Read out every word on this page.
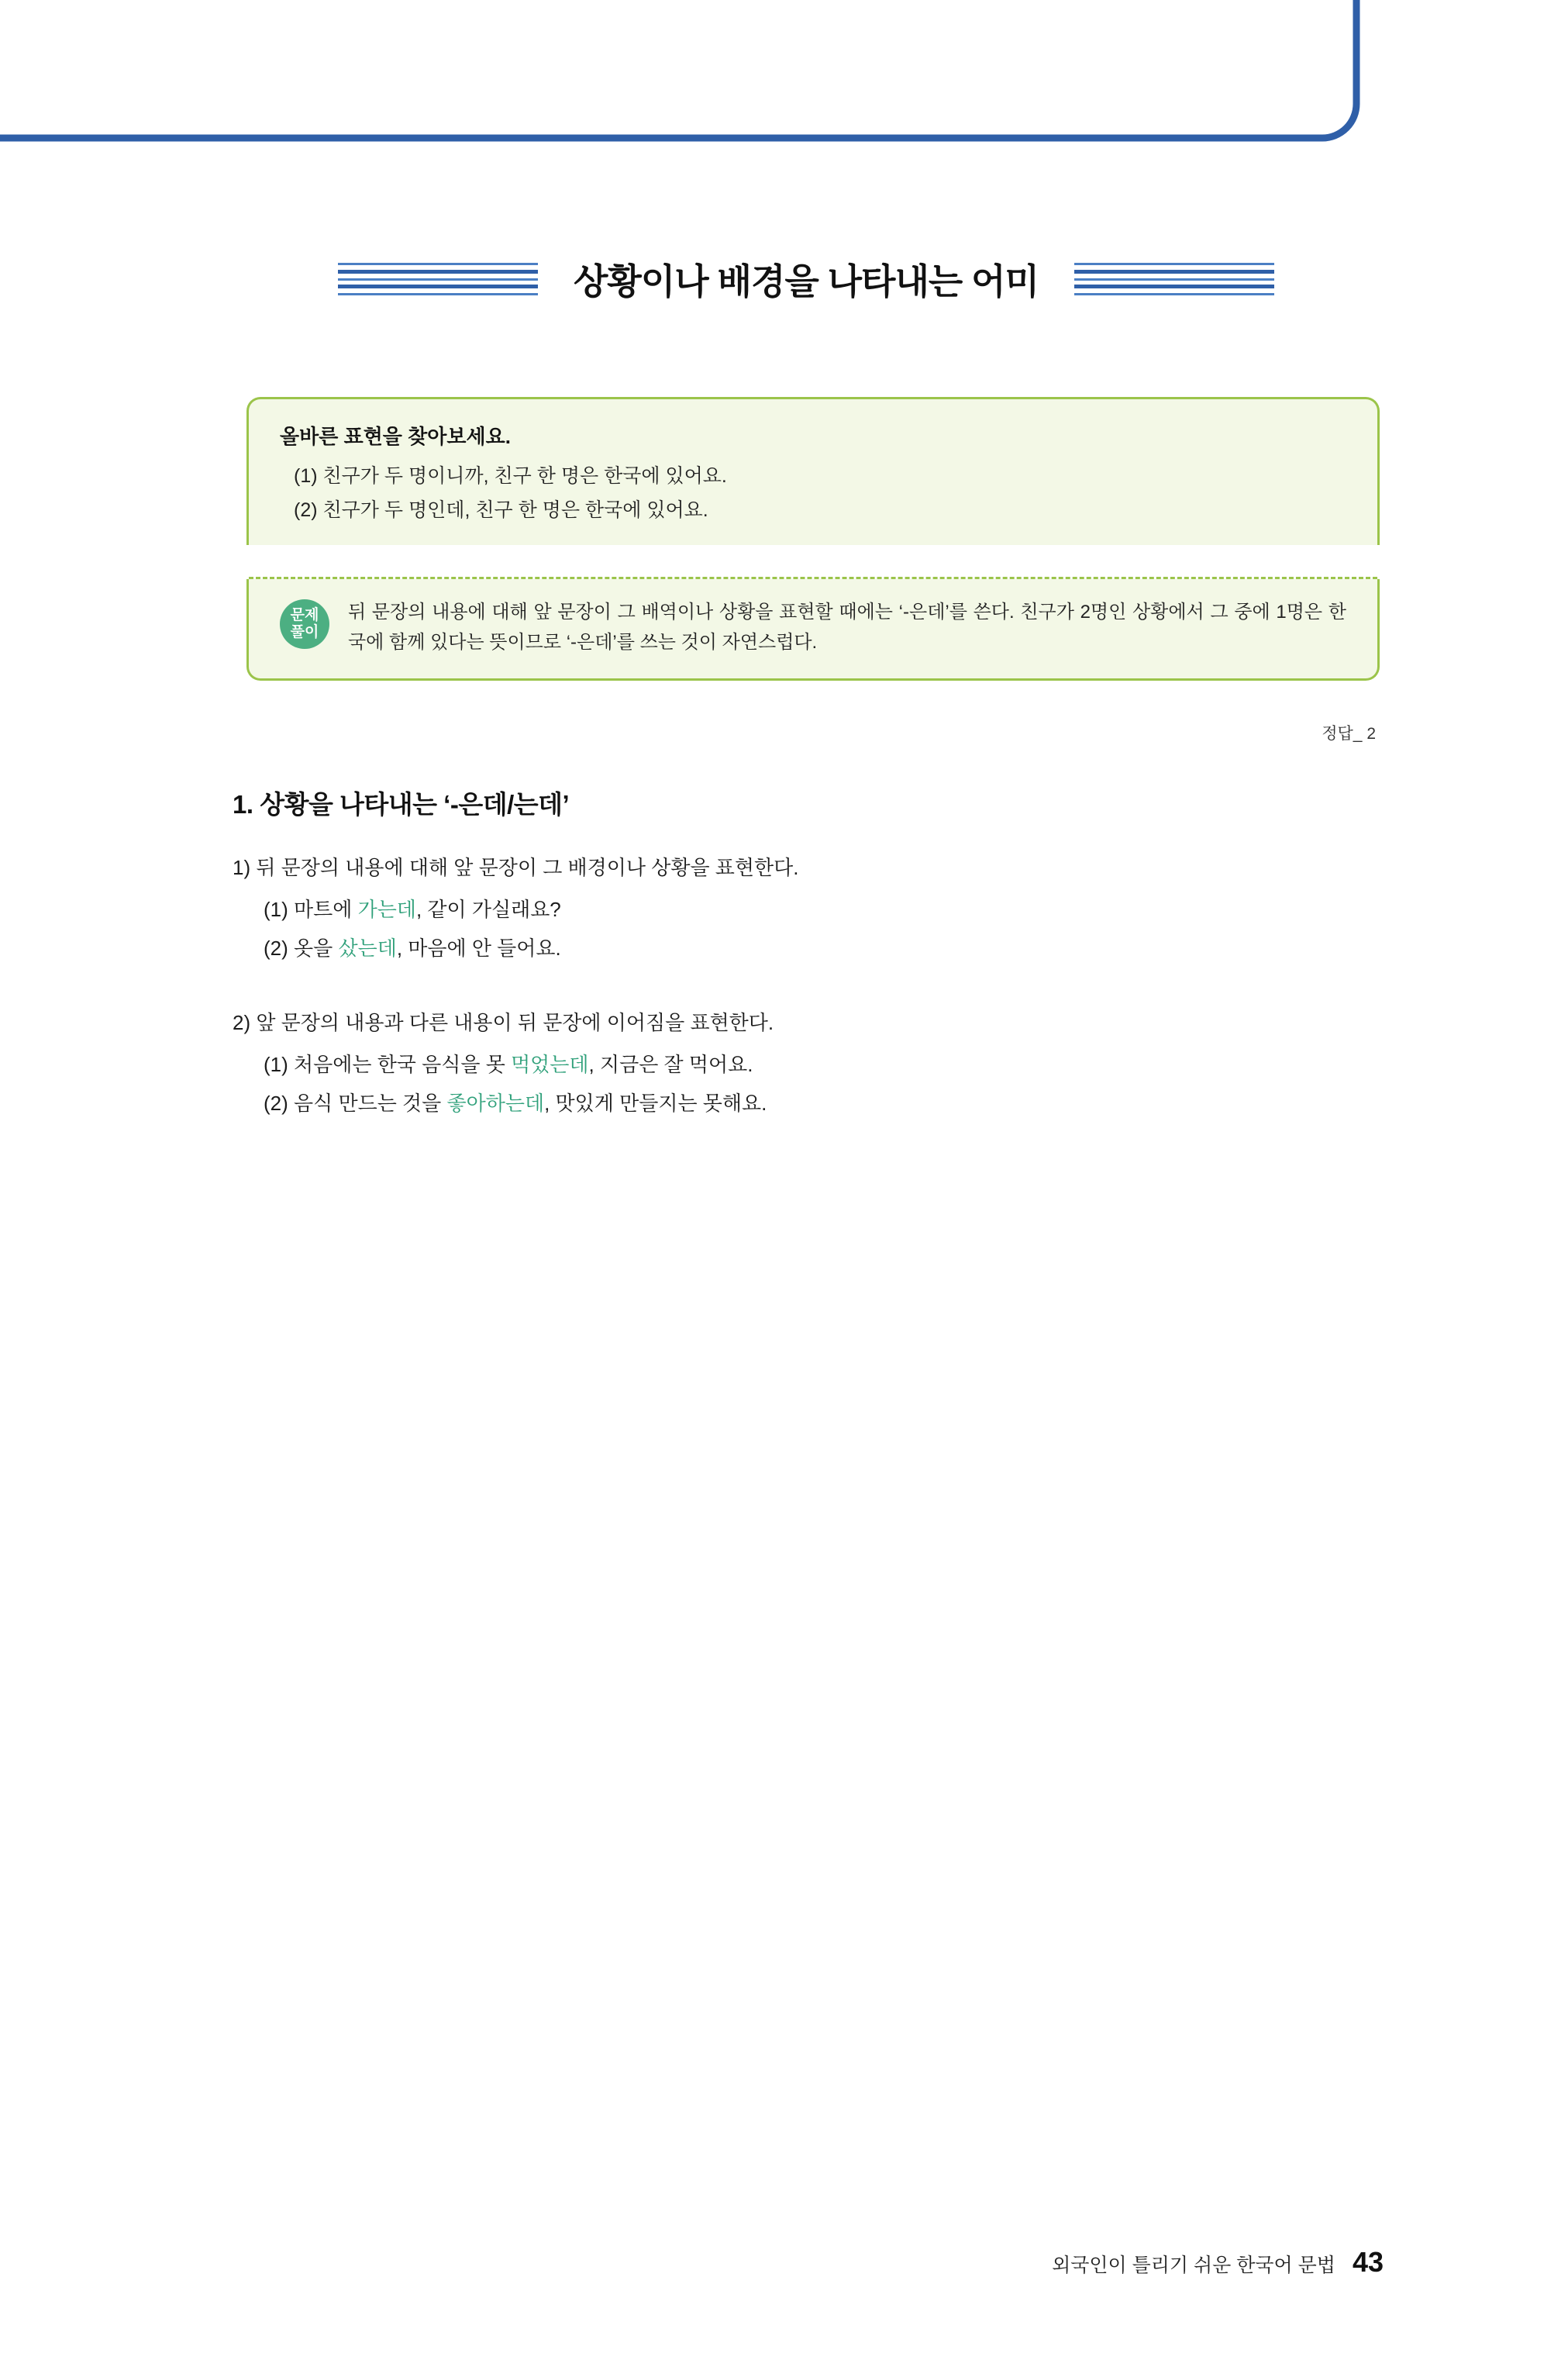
상황이나 배경을 나타내는 어미
올바른 표현을 찾아보세요.
(1) 친구가 두 명이니까, 친구 한 명은 한국에 있어요.
(2) 친구가 두 명인데, 친구 한 명은 한국에 있어요.
문제
풀이
뒤 문장의 내용에 대해 앞 문장이 그 배역이나 상황을 표현할 때에는 ‘-은데’를 쓴다. 친구가 2명인 상황에서 그 중에 1명은 한국에 함께 있다는 뜻이므로 ‘-은데’를 쓰는 것이 자연스럽다.
정답_ 2
1. 상황을 나타내는 ‘-은데/는데’
1) 뒤 문장의 내용에 대해 앞 문장이 그 배경이나 상황을 표현한다.
(1) 마트에 가는데, 같이 가실래요?
(2) 옷을 샀는데, 마음에 안 들어요.
2) 앞 문장의 내용과 다른 내용이 뒤 문장에 이어짐을 표현한다.
(1) 처음에는 한국 음식을 못 먹었는데, 지금은 잘 먹어요.
(2) 음식 만드는 것을 좋아하는데, 맛있게 만들지는 못해요.
외국인이 틀리기 쉬운 한국어 문법 43
